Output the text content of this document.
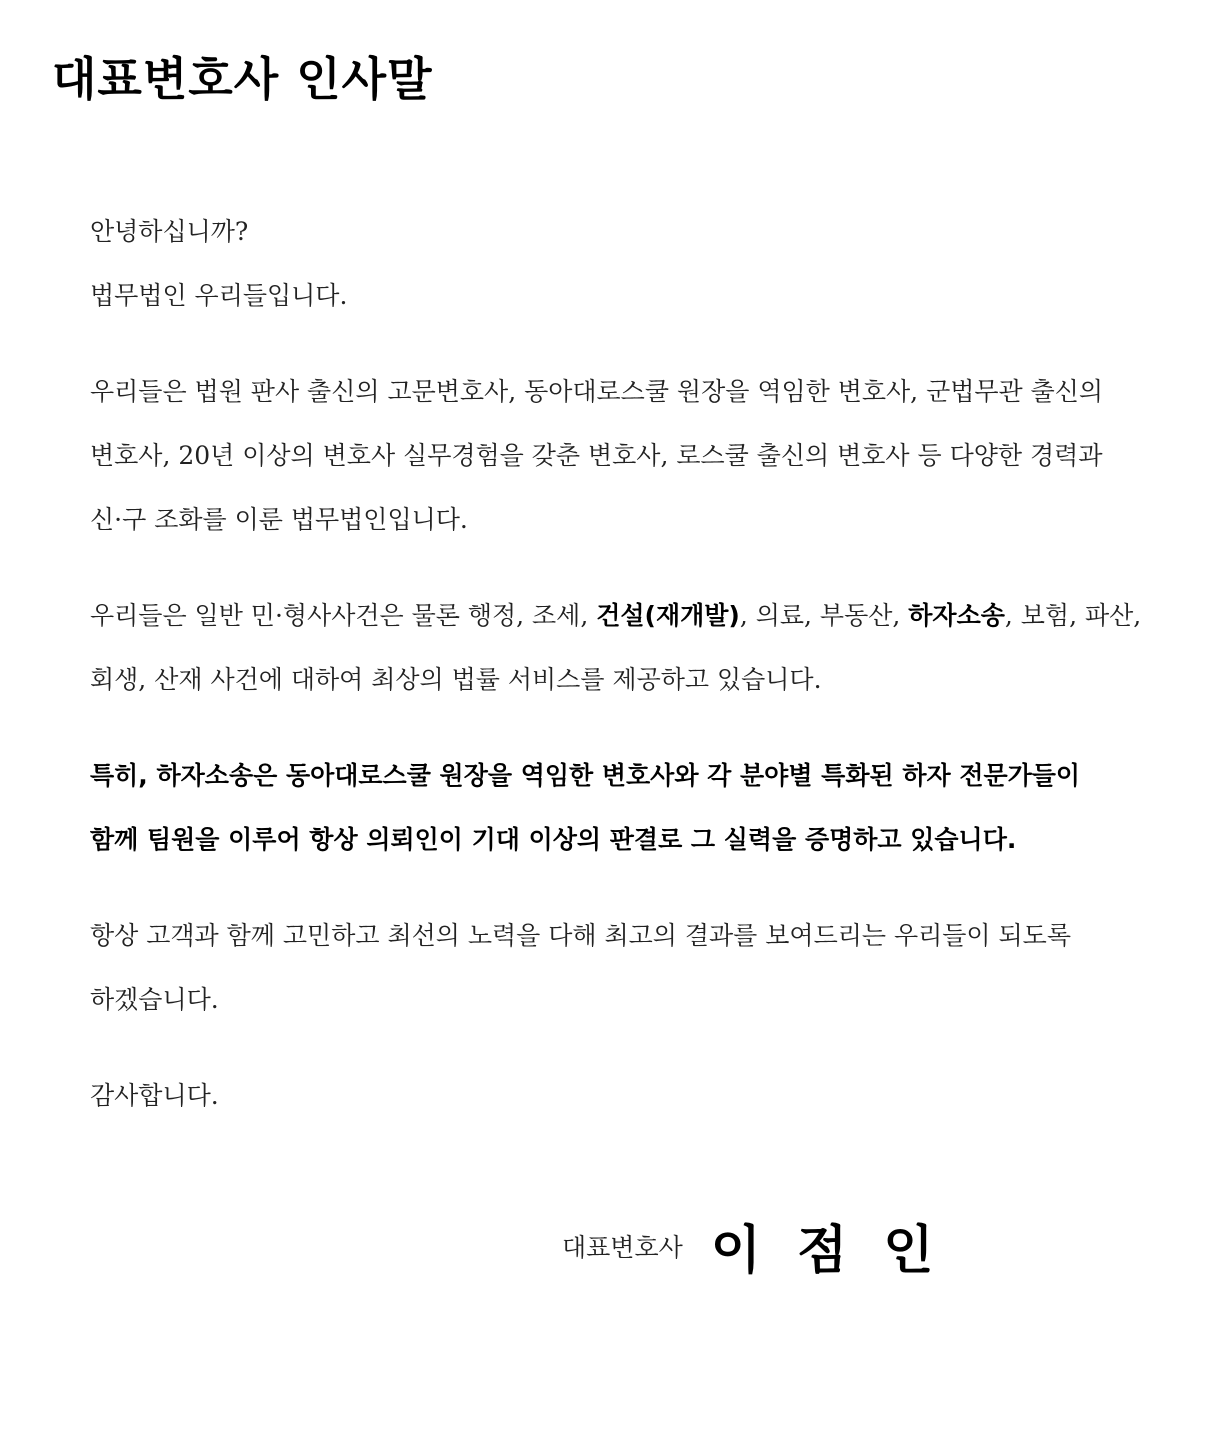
대표변호사 인사말

안녕하십니까?
법무법인 우리들입니다.

우리들은 법원 판사 출신의 고문변호사, 동아대로스쿨 원장을 역임한 변호사, 군법무관 출신의
변호사, 20년 이상의 변호사 실무경험을 갖춘 변호사, 로스쿨 출신의 변호사 등 다양한 경력과
신·구 조화를 이룬 법무법인입니다.

우리들은 일반 민·형사사건은 물론 행정, 조세, 건설(재개발), 의료, 부동산, 하자소송, 보험, 파산,
회생, 산재 사건에 대하여 최상의 법률 서비스를 제공하고 있습니다.

특히, 하자소송은 동아대로스쿨 원장을 역임한 변호사와 각 분야별 특화된 하자 전문가들이
함께 팀원을 이루어 항상 의뢰인이 기대 이상의 판결로 그 실력을 증명하고 있습니다.

항상 고객과 함께 고민하고 최선의 노력을 다해 최고의 결과를 보여드리는 우리들이 되도록
하겠습니다.

감사합니다.

대표변호사 이점인
